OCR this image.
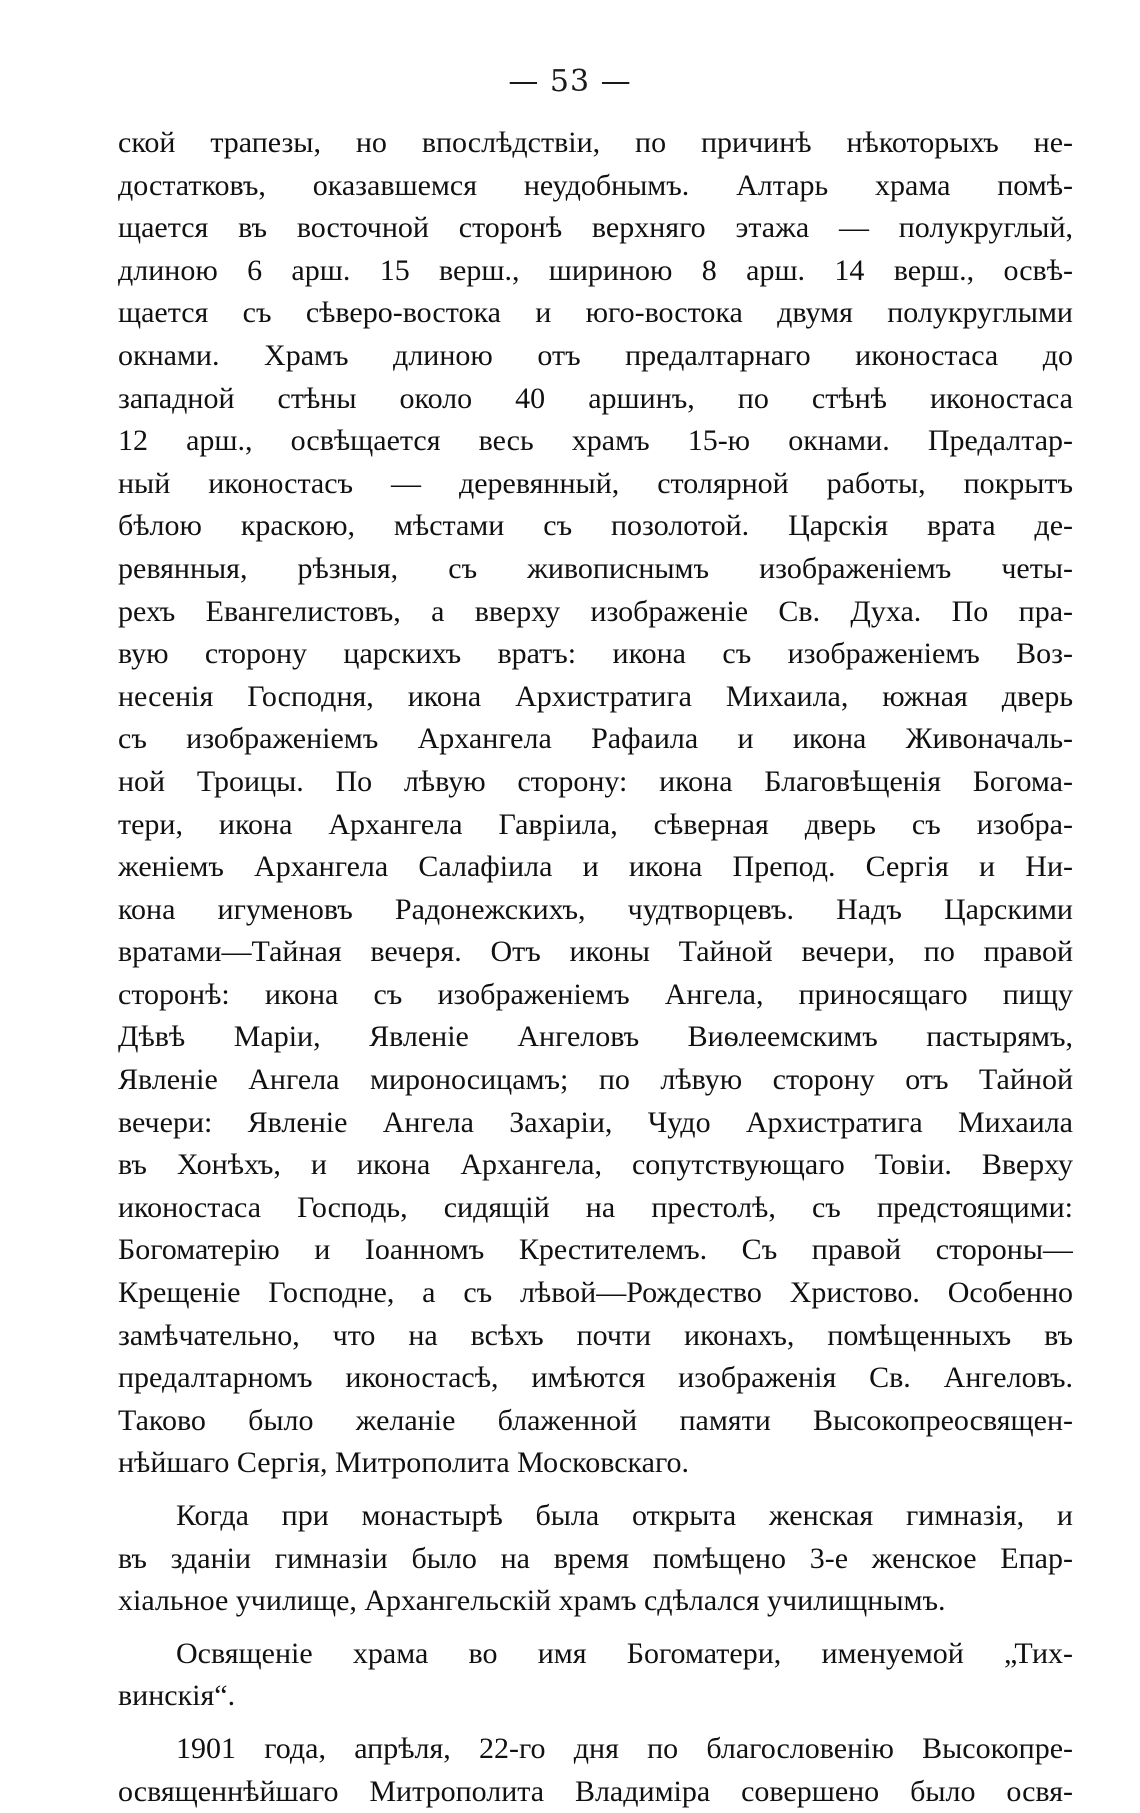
— 53 —
ской трапезы, но впослѣдствіи, по причинѣ нѣкоторыхъ не-
достатковъ, оказавшемся неудобнымъ. Алтарь храма помѣ-
щается въ восточной сторонѣ верхняго этажа — полукруглый,
длиною 6 арш. 15 верш., шириною 8 арш. 14 верш., освѣ-
щается съ сѣверо-востока и юго-востока двумя полукруглыми
окнами. Храмъ длиною отъ предалтарнаго иконостаса до
западной стѣны около 40 аршинъ, по стѣнѣ иконостаса
12 арш., освѣщается весь храмъ 15-ю окнами. Предалтар-
ный иконостасъ — деревянный, столярной работы, покрытъ
бѣлою краскою, мѣстами съ позолотой. Царскія врата де-
ревянныя, рѣзныя, съ живописнымъ изображеніемъ четы-
рехъ Евангелистовъ, а вверху изображеніе Св. Духа. По пра-
вую сторону царскихъ вратъ: икона съ изображеніемъ Воз-
несенія Господня, икона Архистратига Михаила, южная дверь
съ изображеніемъ Архангела Рафаила и икона Живоначаль-
ной Троицы. По лѣвую сторону: икона Благовѣщенія Богома-
тери, икона Архангела Гавріила, сѣверная дверь съ изобра-
женіемъ Архангела Салафіила и икона Препод. Сергія и Ни-
кона игуменовъ Радонежскихъ, чудтворцевъ. Надъ Царскими
вратами—Тайная вечеря. Отъ иконы Тайной вечери, по правой
сторонѣ: икона съ изображеніемъ Ангела, приносящаго пищу
Дѣвѣ Маріи, Явленіе Ангеловъ Виѳлеемскимъ пастырямъ,
Явленіе Ангела мироносицамъ; по лѣвую сторону отъ Тайной
вечери: Явленіе Ангела Захаріи, Чудо Архистратига Михаила
въ Хонѣхъ, и икона Архангела, сопутствующаго Товіи. Вверху
иконостаса Господь, сидящій на престолѣ, съ предстоящими:
Богоматерію и Іоанномъ Крестителемъ. Съ правой стороны—
Крещеніе Господне, а съ лѣвой—Рождество Христово. Особенно
замѣчательно, что на всѣхъ почти иконахъ, помѣщенныхъ въ
предалтарномъ иконостасѣ, имѣются изображенія Св. Ангеловъ.
Таково было желаніе блаженной памяти Высокопреосвящен-
нѣйшаго Сергія, Митрополита Московскаго.
Когда при монастырѣ была открыта женская гимназія, и
въ зданіи гимназіи было на время помѣщено 3-е женское Епар-
хіальное училище, Архангельскій храмъ сдѣлался училищнымъ.
Освященіе храма во имя Богоматери, именуемой „Тих-
винскія“.
1901 года, апрѣля, 22-го дня по благословенію Высокопре-
освященнѣйшаго Митрополита Владиміра совершено было освя-
